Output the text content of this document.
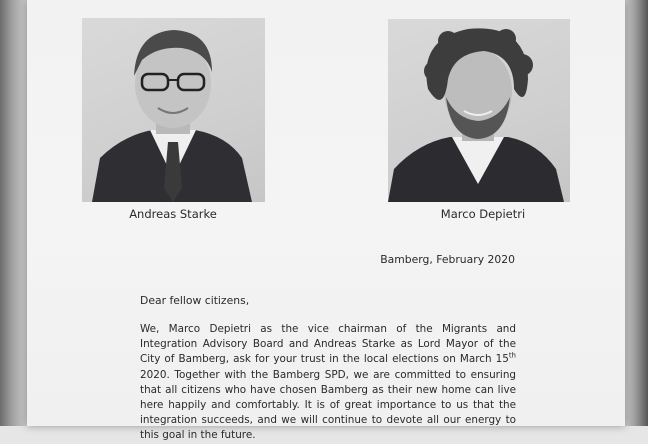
Andreas Starke	Marco Depietri
Bamberg, February 2020
Dear fellow citizens,
We, Marco Depietri as the vice chairman of the Migrants and Integration Advisory Board and Andreas Starke as Lord Mayor of the City of Bamberg, ask for your trust in the local elections on March 15th 2020. Together with the Bamberg SPD, we are committed to ensuring that all citizens who have chosen Bamberg as their new home can live here happily and comfortably. It is of great importance to us that the integration succeeds, and we will continue to devote all our energy to this goal in the future.
